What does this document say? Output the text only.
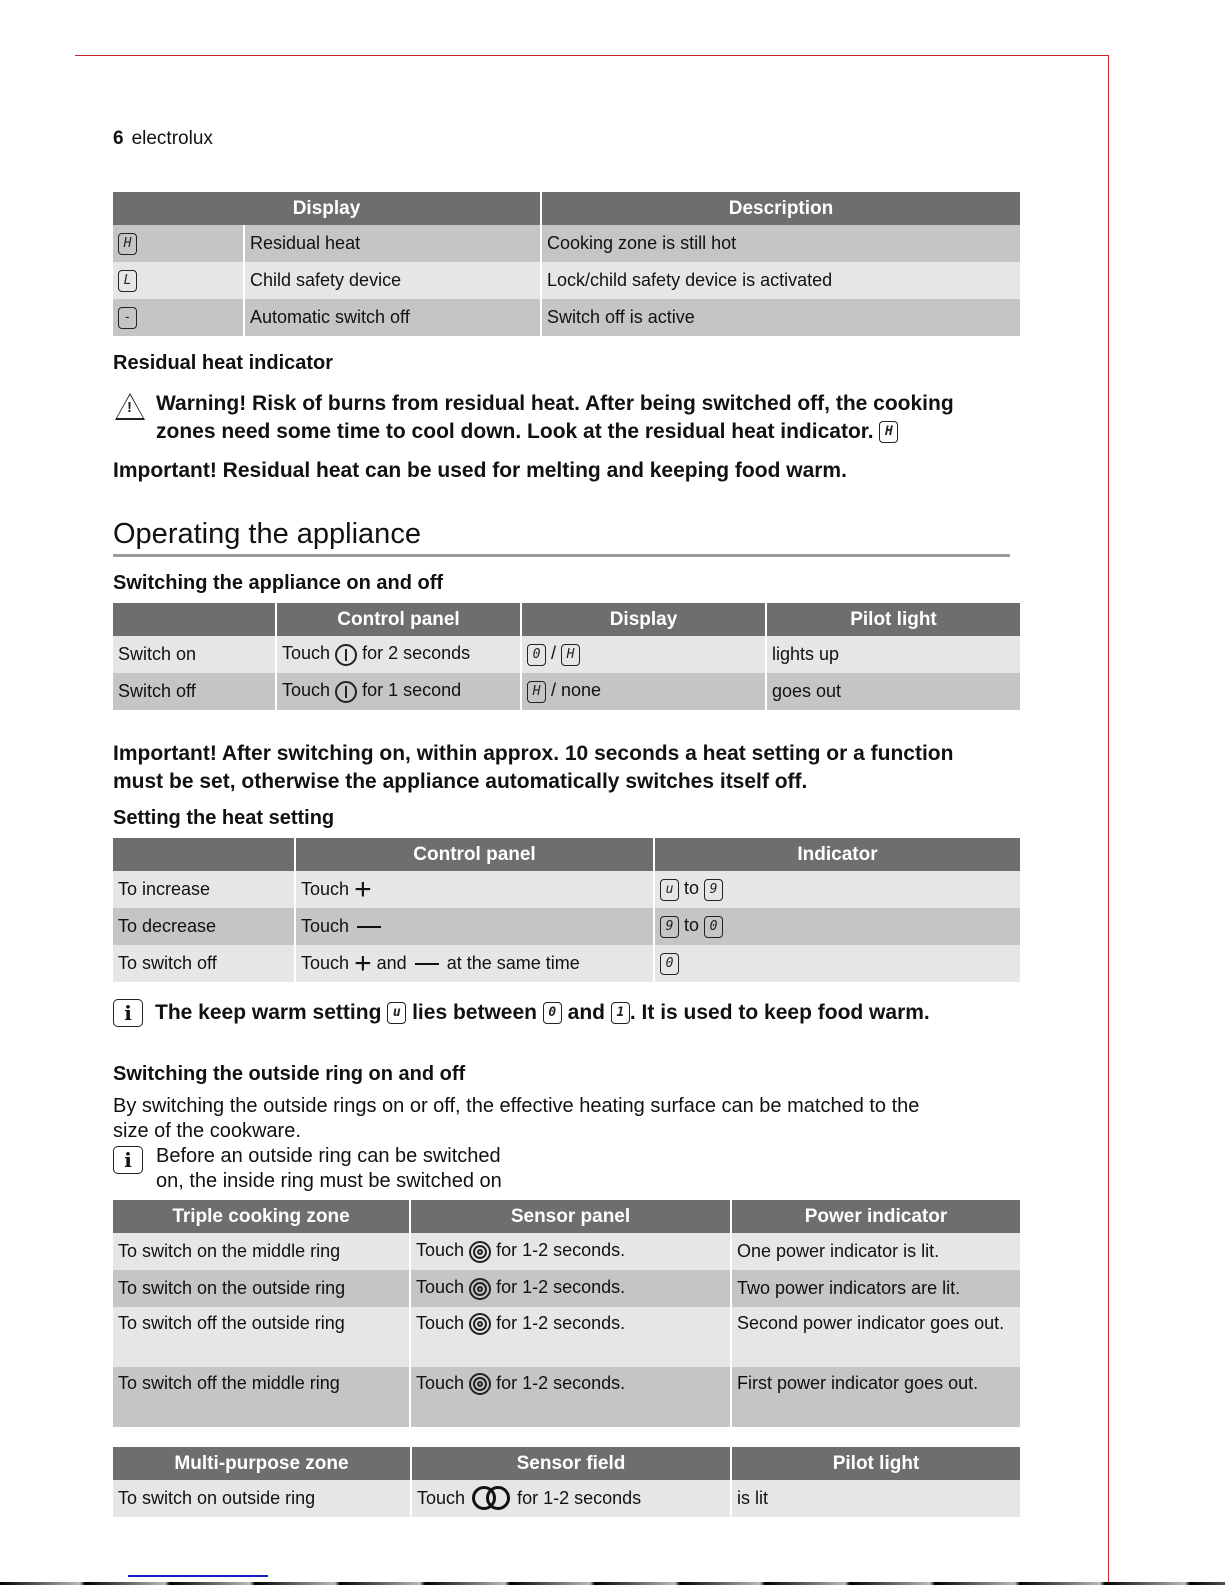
6 electrolux
Display	Description

H Residual heat	Cooking zone is still hot

L Child safety device	Lock/child safety device is activated

- Automatic switch off	Switch off is active
Residual heat indicator
!
Warning! Risk of burns from residual heat. After being switched off, the cooking
zones need some time to cool down. Look at the residual heat indicator. H
Important! Residual heat can be used for melting and keeping food warm.
Operating the appliance
Switching the appliance on and off
	Control panel	Display	Pilot light
Switch on	Touch for 2 seconds	0 / H	lights up
Switch off	Touch for 1 second	H / none	goes out
Important! After switching on, within approx. 10 seconds a heat setting or a function
must be set, otherwise the appliance automatically switches itself off.
Setting the heat setting
	Control panel	Indicator
To increase	Touch +	u to 9
To decrease	Touch	9 to 0
To switch off	Touch + and at the same time	0
i	The keep warm setting u lies between 0 and 1 . It is used to keep food warm.
Switching the outside ring on and off
By switching the outside rings on or off, the effective heating surface can be matched to the
size of the cookware.
i	Before an outside ring can be switched
on, the inside ring must be switched on
Triple cooking zone	Sensor panel	Power indicator
To switch on the middle ring	Touch for 1-2 seconds.	One power indicator is lit.
To switch on the outside ring	Touch for 1-2 seconds.	Two power indicators are lit.
To switch off the outside ring	Touch for 1-2 seconds.	Second power indicator goes out.
To switch off the middle ring	Touch for 1-2 seconds.	First power indicator goes out.
Multi-purpose zone	Sensor field	Pilot light
To switch on outside ring	Touch for 1-2 seconds	is lit
